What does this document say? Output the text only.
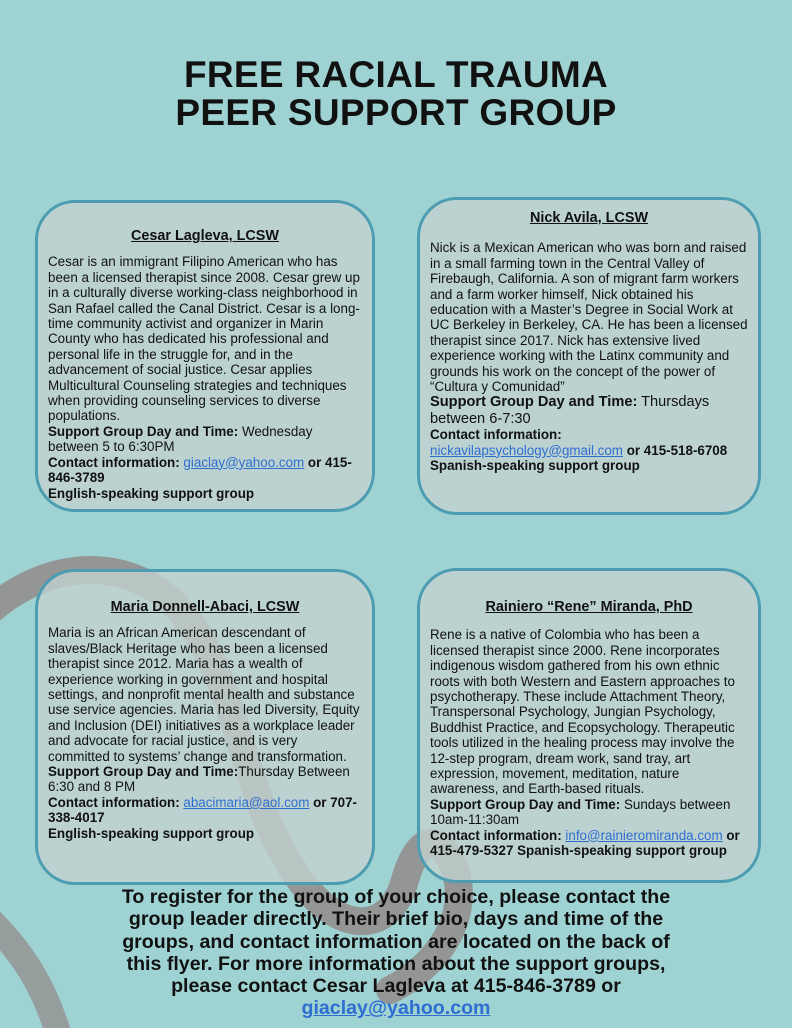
FREE RACIAL TRAUMA
PEER SUPPORT GROUP
Cesar Lagleva, LCSW
Cesar is an immigrant Filipino American who has been a licensed therapist since 2008. Cesar grew up in a culturally diverse working-class neighborhood in San Rafael called the Canal District. Cesar is a long-time community activist and organizer in Marin County who has dedicated his professional and personal life in the struggle for, and in the advancement of social justice. Cesar applies Multicultural Counseling strategies and techniques when providing counseling services to diverse populations.
Support Group Day and Time: Wednesday between 5 to 6:30PM
Contact information: giaclay@yahoo.com or 415-846-3789
English-speaking support group
Nick Avila, LCSW
Nick is a Mexican American who was born and raised in a small farming town in the Central Valley of Firebaugh, California. A son of migrant farm workers and a farm worker himself, Nick obtained his education with a Master’s Degree in Social Work at UC Berkeley in Berkeley, CA. He has been a licensed therapist since 2017. Nick has extensive lived experience working with the Latinx community and grounds his work on the concept of the power of “Cultura y Comunidad”
Support Group Day and Time: Thursdays between 6-7:30
Contact information:
nickavilapsychology@gmail.com or 415-518-6708
Spanish-speaking support group
Maria Donnell-Abaci, LCSW
Maria is an African American descendant of slaves/Black Heritage who has been a licensed therapist since 2012. Maria has a wealth of experience working in government and hospital settings, and nonprofit mental health and substance use service agencies. Maria has led Diversity, Equity and Inclusion (DEI) initiatives as a workplace leader and advocate for racial justice, and is very committed to systems’ change and transformation.
Support Group Day and Time:Thursday Between 6:30 and 8 PM
Contact information: abacimaria@aol.com or 707-338-4017
English-speaking support group
Rainiero “Rene” Miranda, PhD
Rene is a native of Colombia who has been a licensed therapist since 2000. Rene incorporates indigenous wisdom gathered from his own ethnic roots with both Western and Eastern approaches to psychotherapy. These include Attachment Theory, Transpersonal Psychology, Jungian Psychology, Buddhist Practice, and Ecopsychology. Therapeutic tools utilized in the healing process may involve the 12-step program, dream work, sand tray, art expression, movement, meditation, nature awareness, and Earth-based rituals.
Support Group Day and Time: Sundays between 10am-11:30am
Contact information: info@rainieromiranda.com or 415-479-5327 Spanish-speaking support group
To register for the group of your choice, please contact the group leader directly. Their brief bio, days and time of the groups, and contact information are located on the back of this flyer. For more information about the support groups, please contact Cesar Lagleva at 415-846-3789 or giaclay@yahoo.com
